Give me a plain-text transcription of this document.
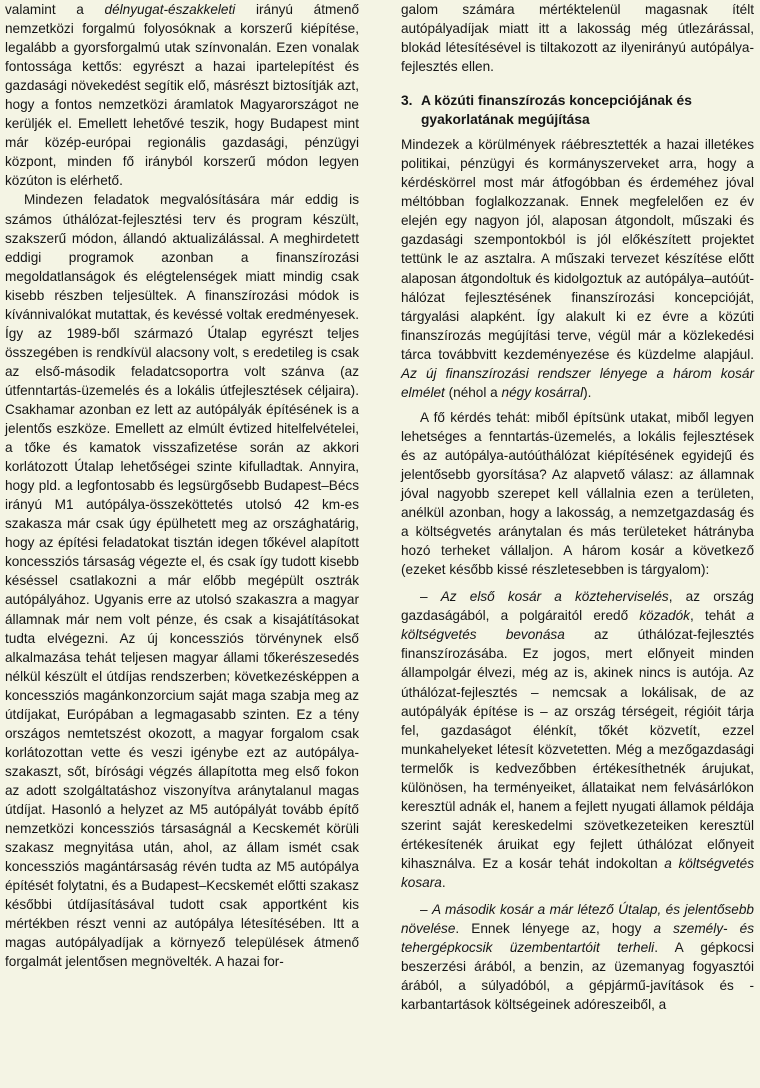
valamint a délnyugat-északkeleti irányú átmenő nemzetközi forgalmú folyosóknak a korszerű kiépítése, legalább a gyorsforgalmú utak színvonalán. Ezen vonalak fontossága kettős: egyrészt a hazai ipartelepítést és gazdasági növekedést segítik elő, másrészt biztosítják azt, hogy a fontos nemzetközi áramlatok Magyarországot ne kerüljék el. Emellett lehetővé teszik, hogy Budapest mint már közép-európai regionális gazdasági, pénzügyi központ, minden fő irányból korszerű módon legyen közúton is elérhető.

Mindezen feladatok megvalósítására már eddig is számos úthálózat-fejlesztési terv és program készült, szakszerű módon, állandó aktualizálással. A meghirdetett eddigi programok azonban a finanszírozási megoldatlanságok és elégtelenségek miatt mindig csak kisebb részben teljesültek. A finanszírozási módok is kívánnivalókat mutattak, és kevéssé voltak eredményesek. Így az 1989-ből származó Útalap egyrészt teljes összegében is rendkívül alacsony volt, s eredetileg is csak az első-második feladatcsoportra volt szánva (az útfenntartás-üzemelés és a lokális útfejlesztések céljaira). Csakhamar azonban ez lett az autópályák építésének is a jelentős eszköze. Emellett az elmúlt évtized hitelfelvételei, a tőke és kamatok visszafizetése során az akkori korlátozott Útalap lehetőségei szinte kifulladtak. Annyira, hogy pld. a legfontosabb és legsürgősebb Budapest–Bécs irányú M1 autópálya-összeköttetés utolsó 42 km-es szakasza már csak úgy épülhetett meg az országhatárig, hogy az építési feladatokat tisztán idegen tőkével alapított koncessziós társaság végezte el, és csak így tudott kisebb késéssel csatlakozni a már előbb megépült osztrák autópályához. Ugyanis erre az utolsó szakaszra a magyar államnak már nem volt pénze, és csak a kisajátításokat tudta elvégezni. Az új koncessziós törvénynek első alkalmazása tehát teljesen magyar állami tőkerészesedés nélkül készült el útdíjas rendszerben; következésképpen a koncessziós magánkonzorcium saját maga szabja meg az útdíjakat, Európában a legmagasabb szinten. Ez a tény országos nemtetszést okozott, a magyar forgalom csak korlátozottan vette és veszi igénybe ezt az autópálya-szakaszt, sőt, bírósági végzés állapította meg első fokon az adott szolgáltatáshoz viszonyítva aránytalanul magas útdíjat. Hasonló a helyzet az M5 autópályát tovább építő nemzetközi koncessziós társaságnál a Kecskemét körüli szakasz megnyitása után, ahol, az állam ismét csak koncessziós magántársaság révén tudta az M5 autópálya építését folytatni, és a Budapest–Kecskemét előtti szakasz későbbi útdíjasításával tudott csak apportként kis mértékben részt venni az autópálya létesítésében. Itt a magas autópályadíjak a környező települések átmenő forgalmát jelentősen megnövelték. A hazai for-

galom számára mértéktelenül magasnak ítélt autópályadíjak miatt itt a lakosság még útlezárással, blokád létesítésével is tiltakozott az ilyenirányú autópálya-fejlesztés ellen.

3. A közúti finanszírozás koncepciójának és
gyakorlatának megújítása

Mindezek a körülmények ráébresztették a hazai illetékes politikai, pénzügyi és kormányszerveket arra, hogy a kérdéskörrel most már átfogóbban és érdeméhez jóval méltóbban foglalkozzanak. Ennek megfelelően ez év elején egy nagyon jól, alaposan átgondolt, műszaki és gazdasági szempontokból is jól előkészített projektet tettünk le az asztalra. A műszaki tervezet készítése előtt alaposan átgondoltuk és kidolgoztuk az autópálya–autóút-hálózat fejlesztésének finanszírozási koncepcióját, tárgyalási alapként. Így alakult ki ez évre a közúti finanszírozás megújítási terve, végül már a közlekedési tárca továbbvitt kezdeményezése és küzdelme alapjául. Az új finanszírozási rendszer lényege a három kosár elmélet (néhol a négy kosárral).

A fő kérdés tehát: miből építsünk utakat, miből legyen lehetséges a fenntartás-üzemelés, a lokális fejlesztések és az autópálya-autóúthálózat kiépítésének egyidejű és jelentősebb gyorsítása? Az alapvető válasz: az államnak jóval nagyobb szerepet kell vállalnia ezen a területen, anélkül azonban, hogy a lakosság, a nemzetgazdaság és a költségvetés aránytalan és más területeket hátrányba hozó terheket vállaljon. A három kosár a következő (ezeket később kissé részletesebben is tárgyalom):

– Az első kosár a közteherviselés, az ország gazdaságából, a polgáraitól eredő közadók, tehát a költségvetés bevonása az úthálózat-fejlesztés finanszírozásába. Ez jogos, mert előnyeit minden állampolgár élvezi, még az is, akinek nincs is autója. Az úthálózat-fejlesztés – nemcsak a lokálisak, de az autópályák építése is – az ország térségeit, régióit tárja fel, gazdaságot élénkít, tőkét közvetít, ezzel munkahelyeket létesít közvetetten. Még a mezőgazdasági termelők is kedvezőbben értékesíthetnék árujukat, különösen, ha terményeiket, állataikat nem felvásárlókon keresztül adnák el, hanem a fejlett nyugati államok példája szerint saját kereskedelmi szövetkezeteiken keresztül értékesítenék áruikat egy fejlett úthálózat előnyeit kihasználva. Ez a kosár tehát indokoltan a költségvetés kosara.

– A második kosár a már létező Útalap, és jelentősebb növelése. Ennek lényege az, hogy a személy- és tehergépkocsik üzembentartóit terheli. A gépkocsi beszerzési árából, a benzin, az üzemanyag fogyasztói árából, a súlyadóból, a gépjármű-javítások és -karbantartások költségeinek adóreszeiből, a
